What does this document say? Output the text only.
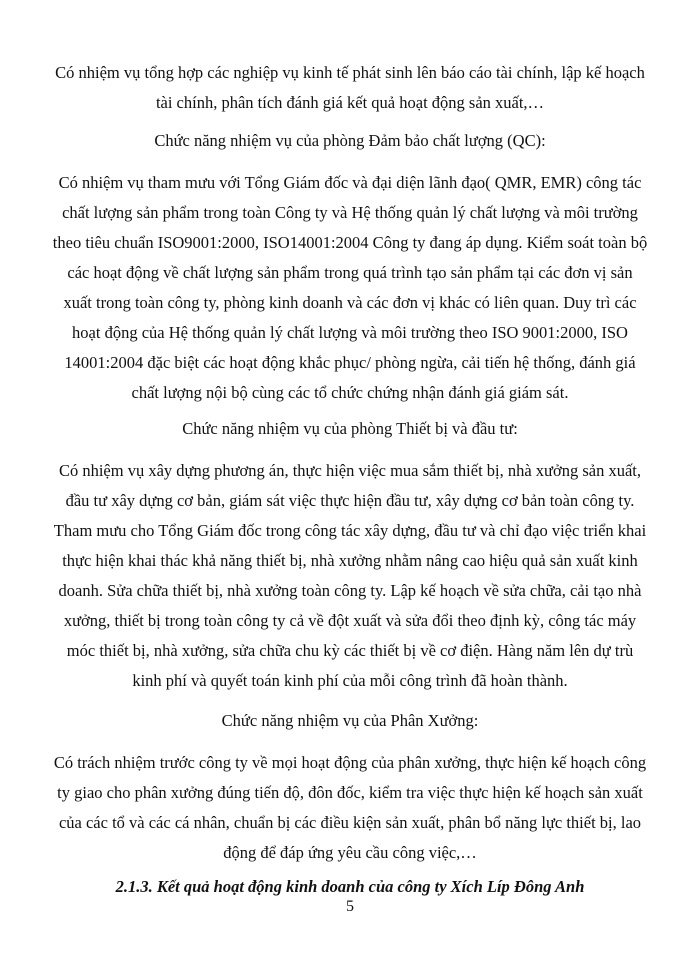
Có nhiệm vụ tổng hợp các nghiệp vụ kinh tế phát sinh lên báo cáo tài chính, lập kế hoạch tài chính, phân tích đánh giá kết quả hoạt động sản xuất,…

Chức năng nhiệm vụ của phòng Đảm bảo chất lượng (QC):

Có nhiệm vụ tham mưu với Tổng Giám đốc và đại diện lãnh đạo( QMR, EMR) công tác chất lượng sản phẩm trong toàn Công ty và Hệ thống quản lý chất lượng và môi trường theo tiêu chuẩn ISO9001:2000, ISO14001:2004 Công ty đang áp dụng. Kiểm soát toàn bộ các hoạt động về chất lượng sản phẩm trong quá trình tạo sản phẩm tại các đơn vị sản xuất trong toàn công ty, phòng kinh doanh và các đơn vị khác có liên quan. Duy trì các hoạt động của Hệ thống quản lý chất lượng và môi trường theo ISO 9001:2000, ISO 14001:2004 đặc biệt các hoạt động khắc phục/ phòng ngừa, cải tiến hệ thống, đánh giá chất lượng nội bộ cùng các tổ chức chứng nhận đánh giá giám sát.

Chức năng nhiệm vụ của phòng Thiết bị và đầu tư:

Có nhiệm vụ xây dựng phương án, thực hiện việc mua sắm thiết bị, nhà xưởng sản xuất, đầu tư xây dựng cơ bản, giám sát việc thực hiện đầu tư, xây dựng cơ bản toàn công ty. Tham mưu cho Tổng Giám đốc trong công tác xây dựng, đầu tư và chỉ đạo việc triển khai thực hiện khai thác khả năng thiết bị, nhà xưởng nhằm nâng cao hiệu quả sản xuất kinh doanh. Sửa chữa thiết bị, nhà xưởng toàn công ty. Lập kế hoạch về sửa chữa, cải tạo nhà xưởng, thiết bị trong toàn công ty cả về đột xuất và sửa đổi theo định kỳ, công tác máy móc thiết bị, nhà xưởng, sửa chữa chu kỳ các thiết bị về cơ điện. Hàng năm lên dự trù kinh phí và quyết toán kinh phí của mỗi công trình đã hoàn thành.

Chức năng nhiệm vụ của Phân Xưởng:

Có trách nhiệm trước công ty về mọi hoạt động của phân xưởng, thực hiện kế hoạch công ty giao cho phân xưởng đúng tiến độ, đôn đốc, kiểm tra việc thực hiện kế hoạch sản xuất của các tổ và các cá nhân, chuẩn bị các điều kiện sản xuất, phân bổ năng lực thiết bị, lao động để đáp ứng yêu cầu công việc,…

2.1.3. Kết quả hoạt động kinh doanh của công ty Xích Líp Đông Anh

5
